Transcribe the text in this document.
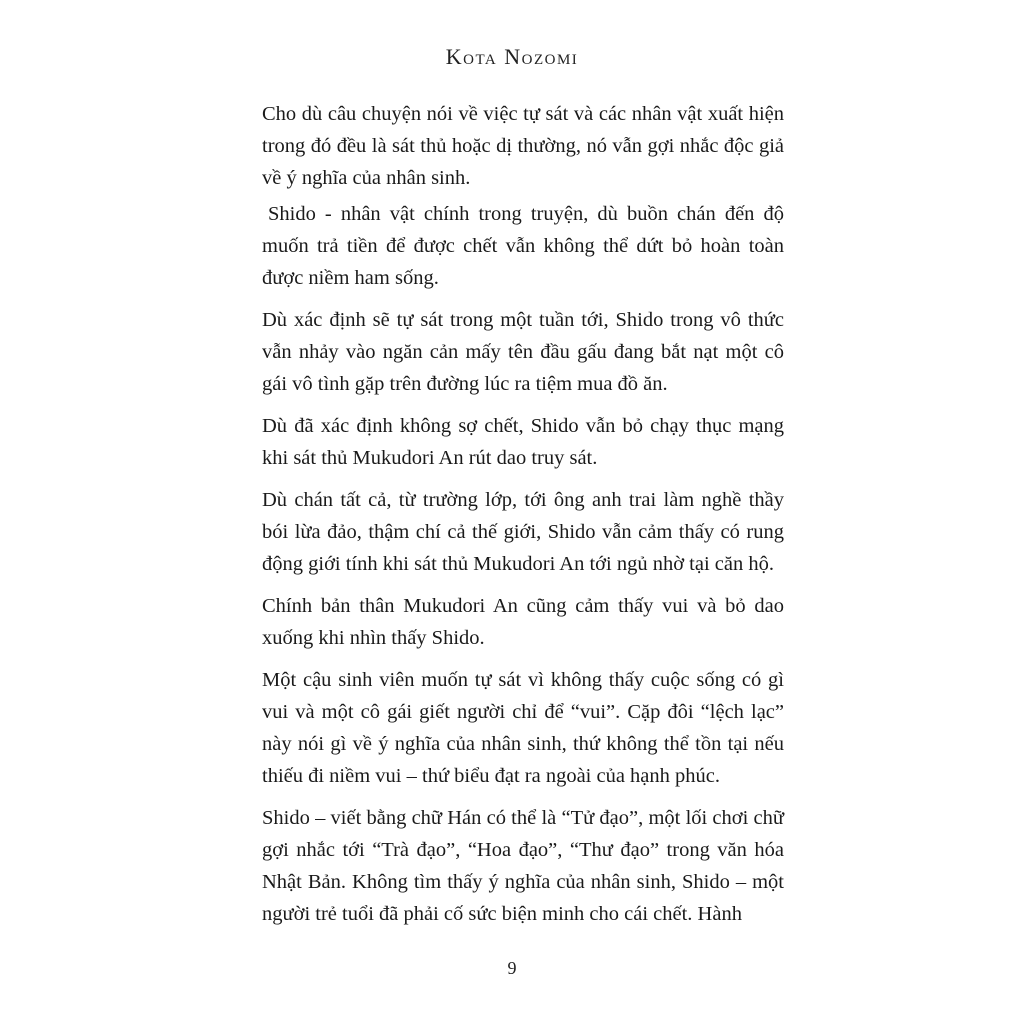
Kota Nozomi

Cho dù câu chuyện nói về việc tự sát và các nhân vật xuất hiện trong đó đều là sát thủ hoặc dị thường, nó vẫn gợi nhắc độc giả về ý nghĩa của nhân sinh.

Shido - nhân vật chính trong truyện, dù buồn chán đến độ muốn trả tiền để được chết vẫn không thể dứt bỏ hoàn toàn được niềm ham sống.

Dù xác định sẽ tự sát trong một tuần tới, Shido trong vô thức vẫn nhảy vào ngăn cản mấy tên đầu gấu đang bắt nạt một cô gái vô tình gặp trên đường lúc ra tiệm mua đồ ăn.

Dù đã xác định không sợ chết, Shido vẫn bỏ chạy thục mạng khi sát thủ Mukudori An rút dao truy sát.

Dù chán tất cả, từ trường lớp, tới ông anh trai làm nghề thầy bói lừa đảo, thậm chí cả thế giới, Shido vẫn cảm thấy có rung động giới tính khi sát thủ Mukudori An tới ngủ nhờ tại căn hộ.

Chính bản thân Mukudori An cũng cảm thấy vui và bỏ dao xuống khi nhìn thấy Shido.

Một cậu sinh viên muốn tự sát vì không thấy cuộc sống có gì vui và một cô gái giết người chỉ để “vui”. Cặp đôi “lệch lạc” này nói gì về ý nghĩa của nhân sinh, thứ không thể tồn tại nếu thiếu đi niềm vui – thứ biểu đạt ra ngoài của hạnh phúc.

Shido – viết bằng chữ Hán có thể là “Tử đạo”, một lối chơi chữ gợi nhắc tới “Trà đạo”, “Hoa đạo”, “Thư đạo” trong văn hóa Nhật Bản. Không tìm thấy ý nghĩa của nhân sinh, Shido – một người trẻ tuổi đã phải cố sức biện minh cho cái chết. Hành

9
